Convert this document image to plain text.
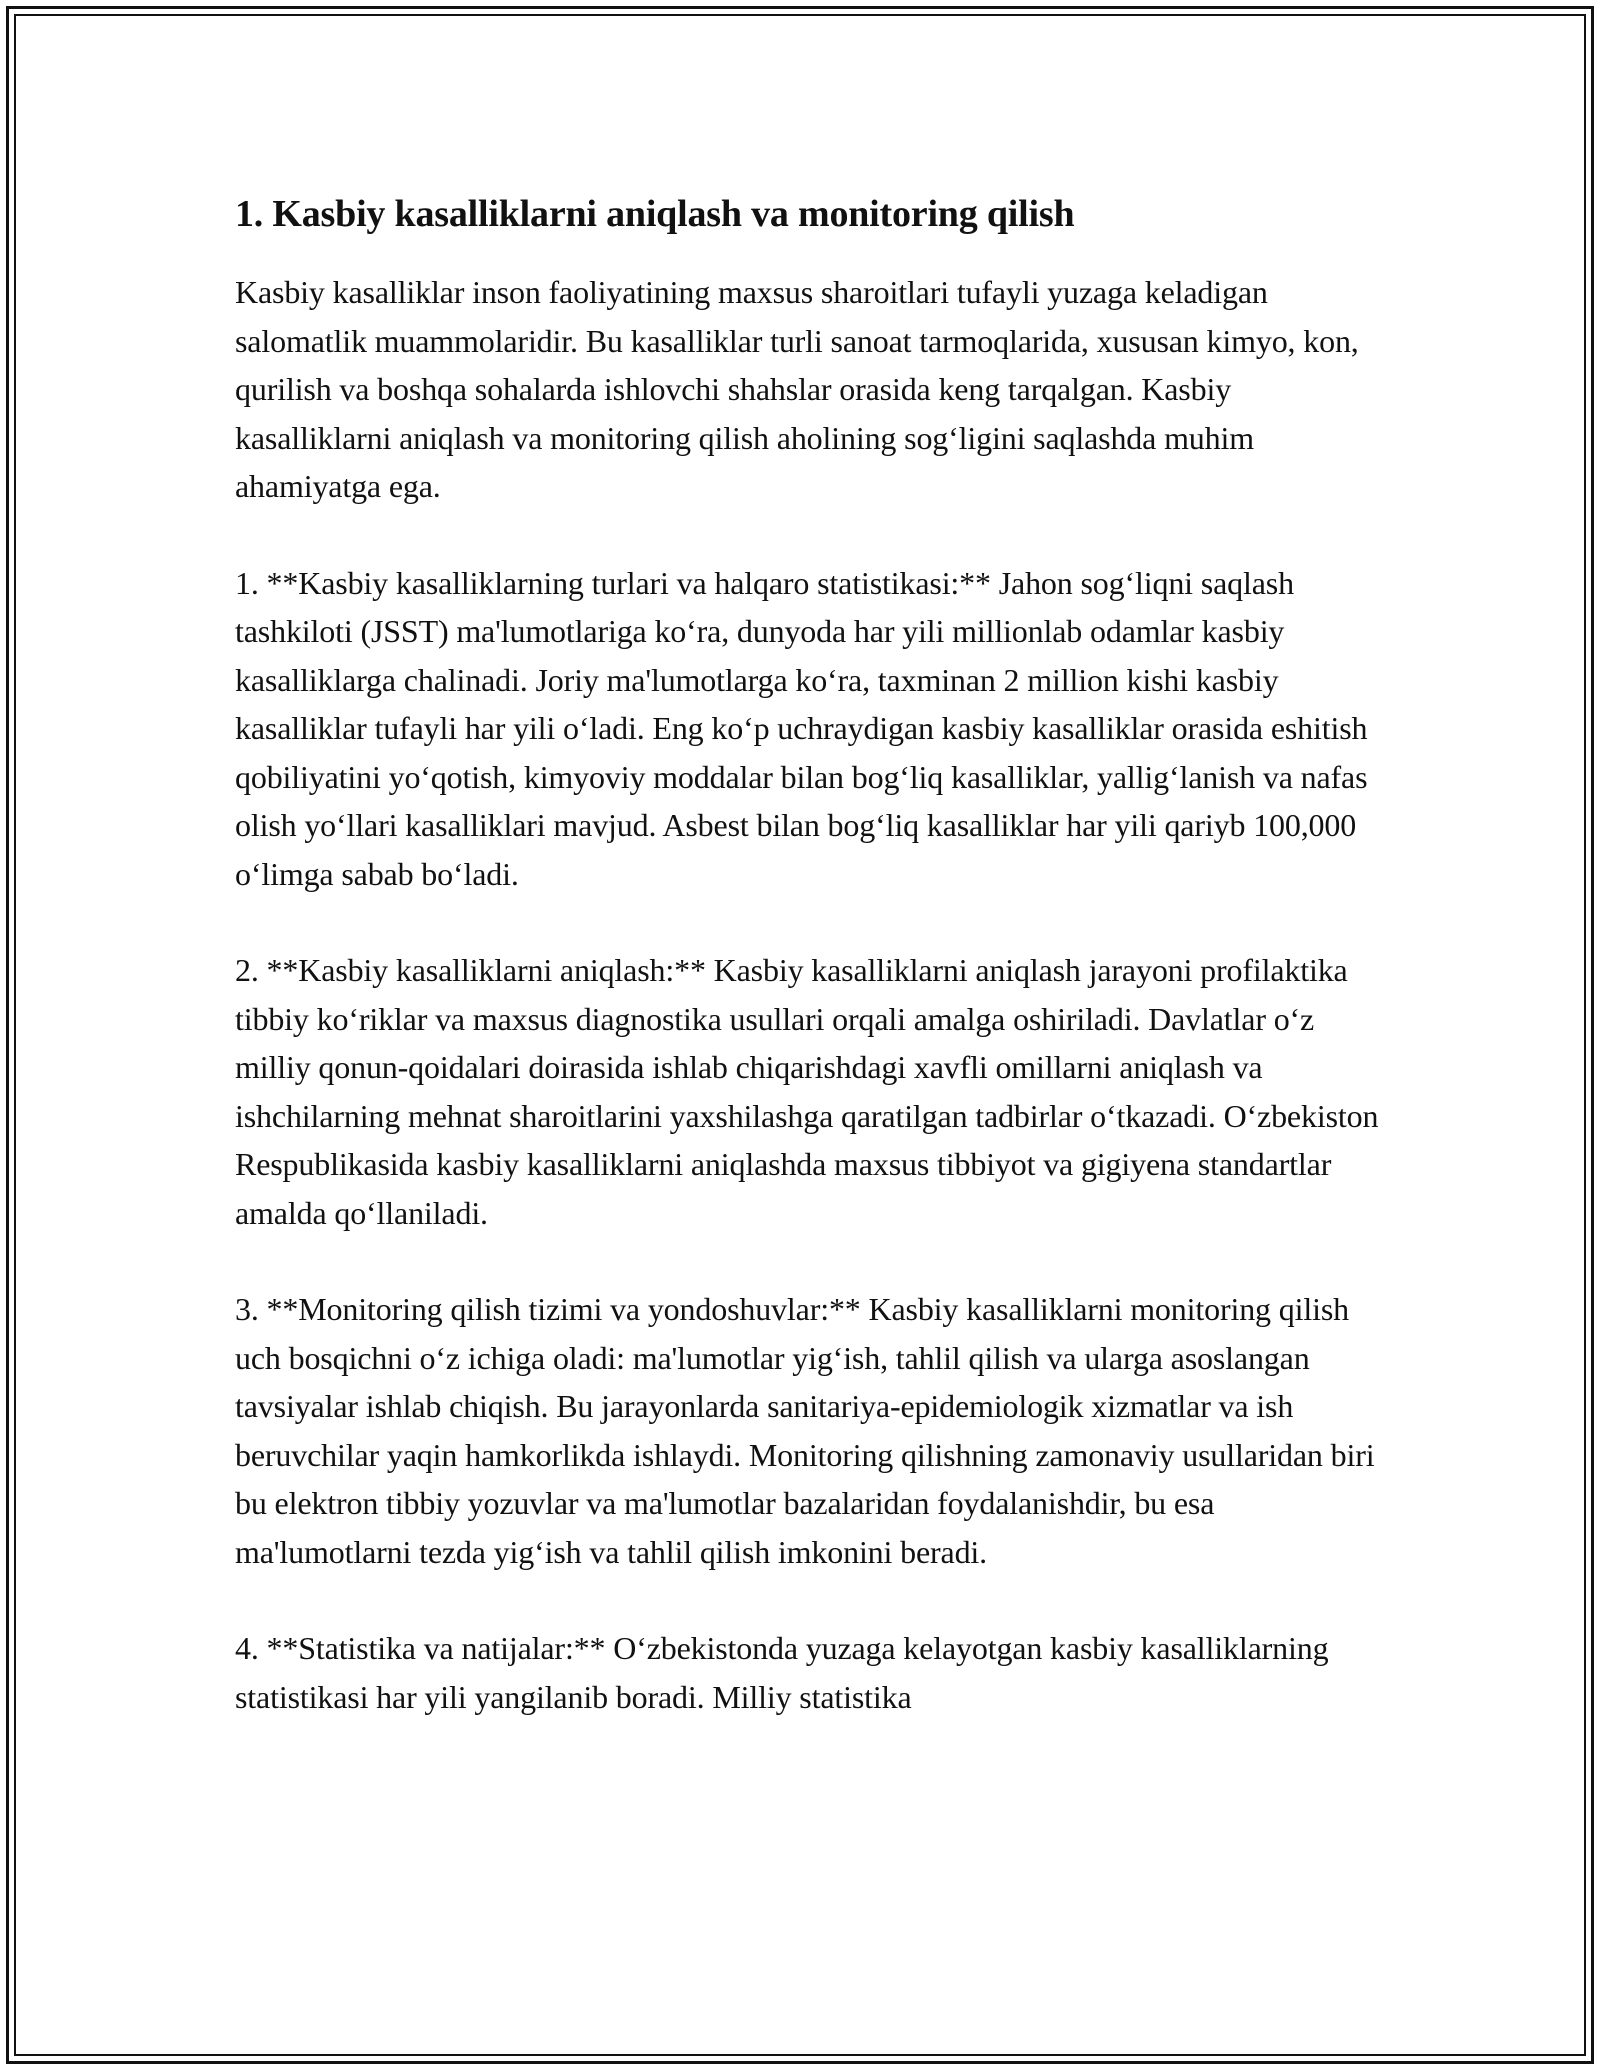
1. Kasbiy kasalliklarni aniqlash va monitoring qilish

Kasbiy kasalliklar inson faoliyatining maxsus sharoitlari tufayli yuzaga keladigan salomatlik muammolaridir. Bu kasalliklar turli sanoat tarmoqlarida, xususan kimyo, kon, qurilish va boshqa sohalarda ishlovchi shahslar orasida keng tarqalgan. Kasbiy kasalliklarni aniqlash va monitoring qilish aholining sog‘ligini saqlashda muhim ahamiyatga ega.

1. **Kasbiy kasalliklarning turlari va halqaro statistikasi:** Jahon sog‘liqni saqlash tashkiloti (JSST) ma'lumotlariga ko‘ra, dunyoda har yili millionlab odamlar kasbiy kasalliklarga chalinadi. Joriy ma'lumotlarga ko‘ra, taxminan 2 million kishi kasbiy kasalliklar tufayli har yili o‘ladi. Eng ko‘p uchraydigan kasbiy kasalliklar orasida eshitish qobiliyatini yo‘qotish, kimyoviy moddalar bilan bog‘liq kasalliklar, yallig‘lanish va nafas olish yo‘llari kasalliklari mavjud. Asbest bilan bog‘liq kasalliklar har yili qariyb 100,000 o‘limga sabab bo‘ladi.

2. **Kasbiy kasalliklarni aniqlash:** Kasbiy kasalliklarni aniqlash jarayoni profilaktika tibbiy ko‘riklar va maxsus diagnostika usullari orqali amalga oshiriladi. Davlatlar o‘z milliy qonun-qoidalari doirasida ishlab chiqarishdagi xavfli omillarni aniqlash va ishchilarning mehnat sharoitlarini yaxshilashga qaratilgan tadbirlar o‘tkazadi. O‘zbekiston Respublikasida kasbiy kasalliklarni aniqlashda maxsus tibbiyot va gigiyena standartlar amalda qo‘llaniladi.

3. **Monitoring qilish tizimi va yondoshuvlar:** Kasbiy kasalliklarni monitoring qilish uch bosqichni o‘z ichiga oladi: ma'lumotlar yig‘ish, tahlil qilish va ularga asoslangan tavsiyalar ishlab chiqish. Bu jarayonlarda sanitariya-epidemiologik xizmatlar va ish beruvchilar yaqin hamkorlikda ishlaydi. Monitoring qilishning zamonaviy usullaridan biri bu elektron tibbiy yozuvlar va ma'lumotlar bazalaridan foydalanishdir, bu esa ma'lumotlarni tezda yig‘ish va tahlil qilish imkonini beradi.

4. **Statistika va natijalar:** O‘zbekistonda yuzaga kelayotgan kasbiy kasalliklarning statistikasi har yili yangilanib boradi. Milliy statistika
